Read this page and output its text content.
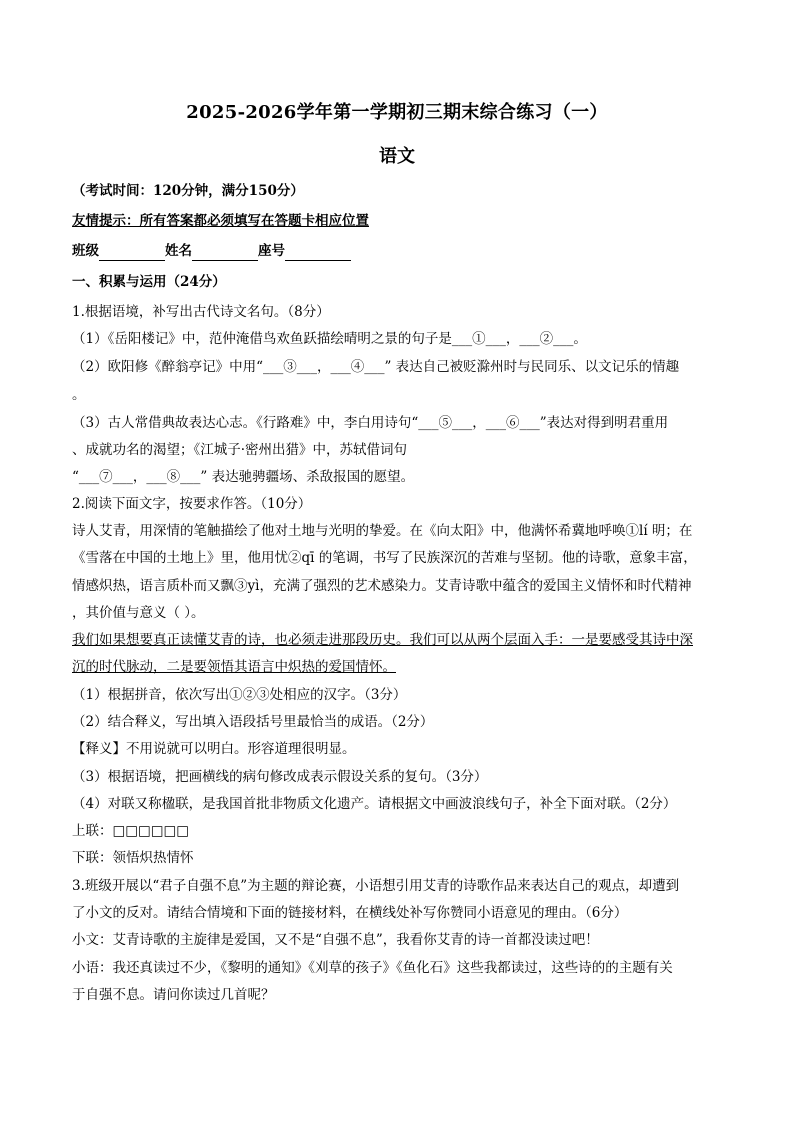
2025-2026学年第一学期初三期末综合练习（一）
语文
（考试时间：120分钟，满分150分）
友情提示：所有答案都必须填写在答题卡相应位置
班级	姓名	座号
一、积累与运用（24分）
1.根据语境，补写出古代诗文名句。（8分）
（1）《岳阳楼记》中，范仲淹借鸟欢鱼跃描绘晴明之景的句子是___①___，___②___。
（2）欧阳修《醉翁亭记》中用“___③___，___④___” 表达自己被贬滁州时与民同乐、以文记乐的情趣
。
（3）古人常借典故表达心志。《行路难》中，李白用诗句“___⑤___，___⑥___”表达对得到明君重用
、成就功名的渴望；《江城子·密州出猎》中，苏轼借词句
“___⑦___，___⑧___” 表达驰骋疆场、杀敌报国的愿望。
2.阅读下面文字，按要求作答。（10分）
诗人艾青，用深情的笔触描绘了他对土地与光明的挚爱。在《向太阳》中，他满怀希冀地呼唤①lí 明；在
《雪落在中国的土地上》里，他用忧②qī 的笔调，书写了民族深沉的苦难与坚韧。他的诗歌，意象丰富，
情感炽热，语言质朴而又飘③yì，充满了强烈的艺术感染力。艾青诗歌中蕴含的爱国主义情怀和时代精神
，其价值与意义（ ）。
我们如果想要真正读懂艾青的诗，也必须走进那段历史。我们可以从两个层面入手：一是要感受其诗中深
沉的时代脉动，二是要领悟其语言中炽热的爱国情怀。
（1）根据拼音，依次写出①②③处相应的汉字。（3分）
（2）结合释义，写出填入语段括号里最恰当的成语。（2分）
【释义】不用说就可以明白。形容道理很明显。
（3）根据语境，把画横线的病句修改成表示假设关系的复句。（3分）
（4）对联又称楹联，是我国首批非物质文化遗产。请根据文中画波浪线句子，补全下面对联。（2分）
上联：□□□□□□
下联：领悟炽热情怀
3.班级开展以“君子自强不息”为主题的辩论赛，小语想引用艾青的诗歌作品来表达自己的观点，却遭到
了小文的反对。请结合情境和下面的链接材料，在横线处补写你赞同小语意见的理由。（6分）
小文：艾青诗歌的主旋律是爱国，又不是“自强不息”，我看你艾青的诗一首都没读过吧！
小语：我还真读过不少，《黎明的通知》《刈草的孩子》《鱼化石》这些我都读过，这些诗的的主题有关
于自强不息。请问你读过几首呢？
